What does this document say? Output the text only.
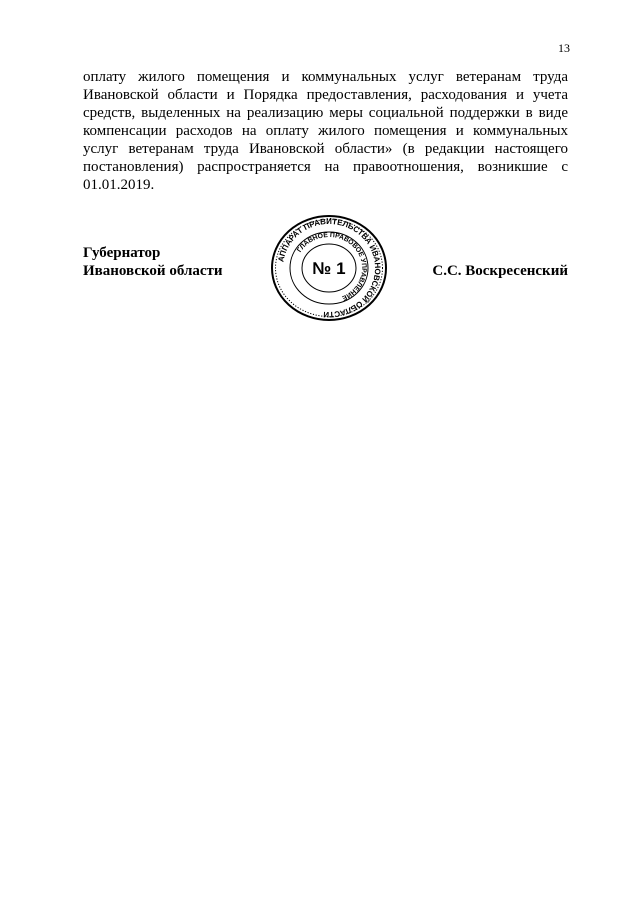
13
оплату жилого помещения и коммунальных услуг ветеранам труда
Ивановской области и Порядка предоставления, расходования и учета
средств, выделенных на реализацию меры социальной поддержки в виде
компенсации расходов на оплату жилого помещения и коммунальных
услуг ветеранам труда Ивановской области» (в редакции настоящего
постановления) распространяется на правоотношения, возникшие с
01.01.2019.
Губернатор
Ивановской области	С.С. Воскресенский
АППАРАТ ПРАВИТЕЛЬСТВА ИВАНОВСКОЙ ОБЛАСТИ
ГЛАВНОЕ ПРАВОВОЕ УПРАВЛЕНИЕ
№ 1
